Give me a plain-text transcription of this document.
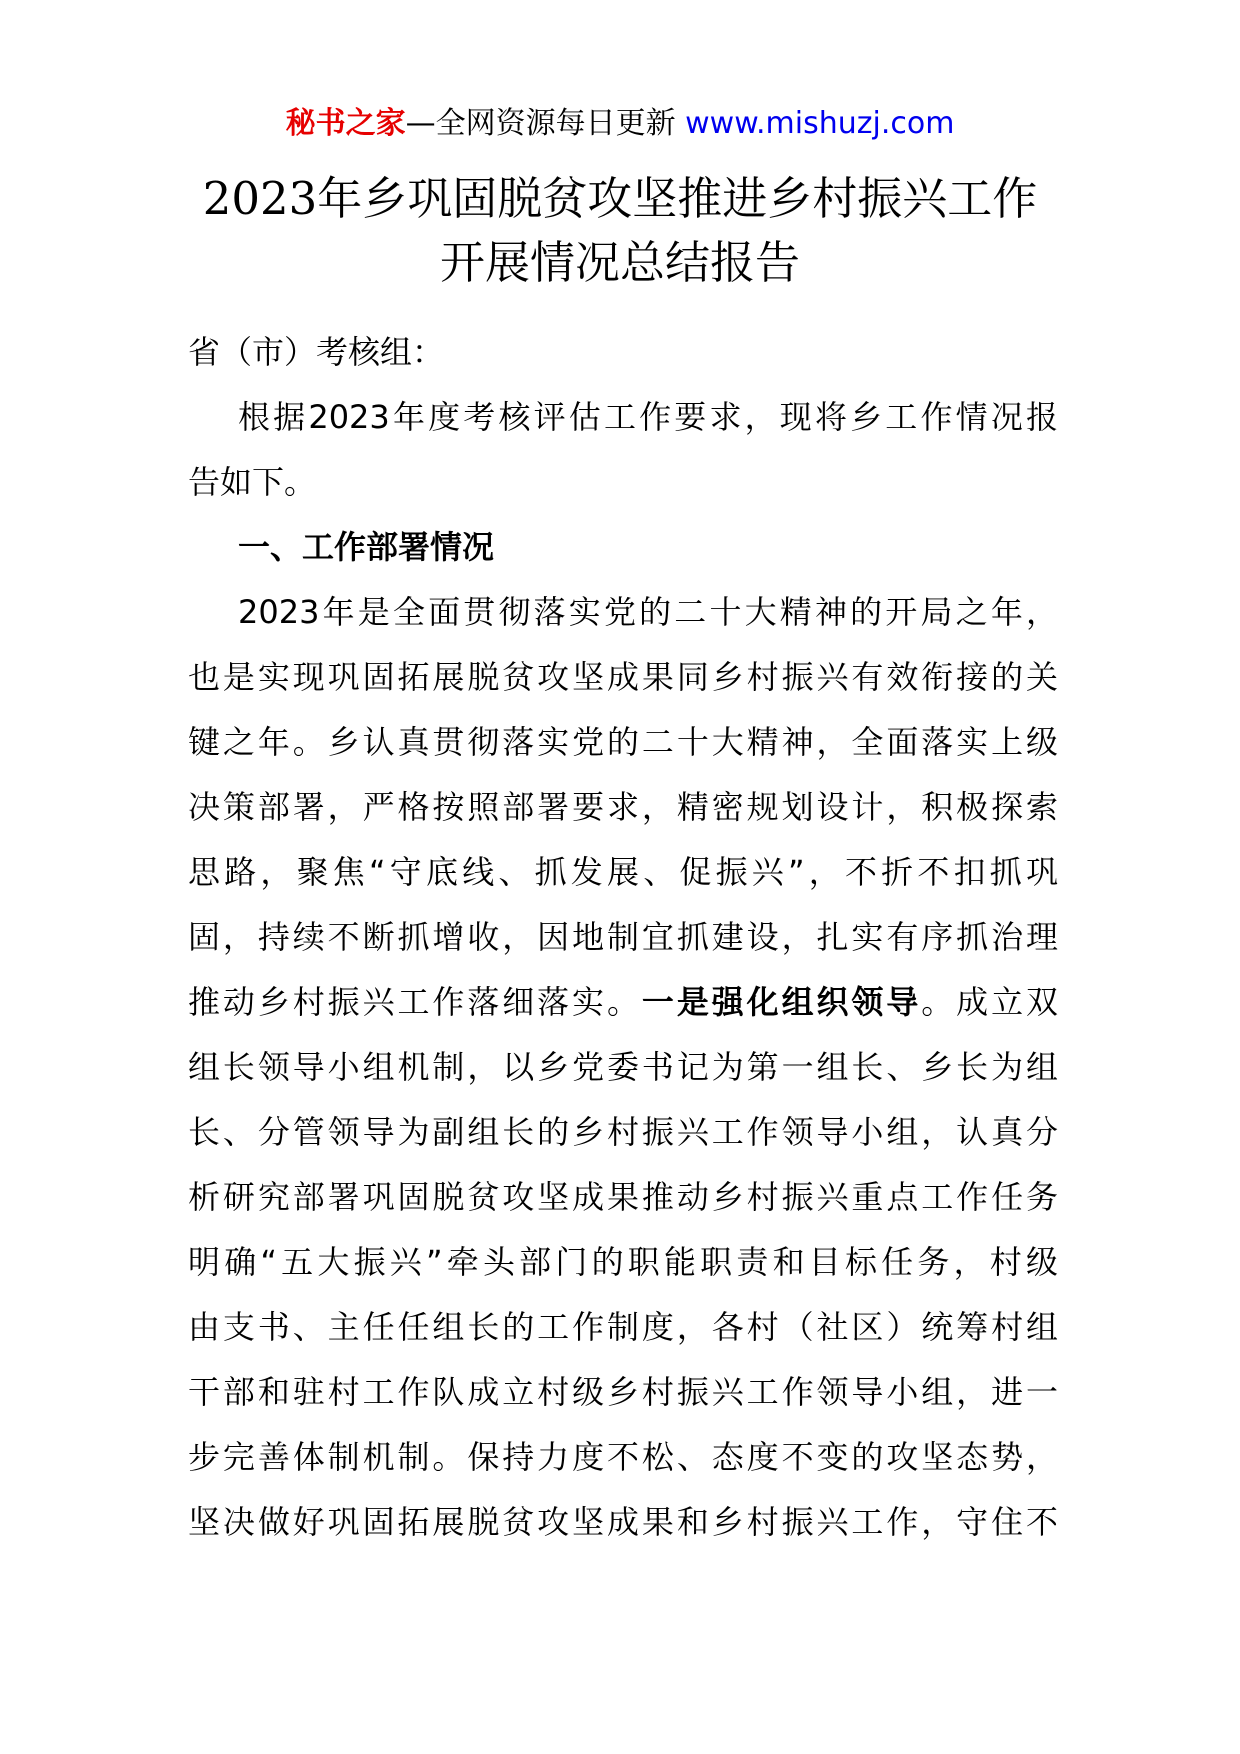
秘书之家—全网资源每日更新 www.mishuzj.com
2023年乡巩固脱贫攻坚推进乡村振兴工作
开展情况总结报告
省（市）考核组：
根据2023年度考核评估工作要求，现将乡工作情况报
告如下。
一、工作部署情况
2023年是全面贯彻落实党的二十大精神的开局之年，
也是实现巩固拓展脱贫攻坚成果同乡村振兴有效衔接的关
键之年。乡认真贯彻落实党的二十大精神，全面落实上级
决策部署，严格按照部署要求，精密规划设计，积极探索
思路，聚焦“守底线、抓发展、促振兴”，不折不扣抓巩
固，持续不断抓增收，因地制宜抓建设，扎实有序抓治理
推动乡村振兴工作落细落实。一是强化组织领导。成立双
组长领导小组机制，以乡党委书记为第一组长、乡长为组
长、分管领导为副组长的乡村振兴工作领导小组，认真分
析研究部署巩固脱贫攻坚成果推动乡村振兴重点工作任务
明确“五大振兴”牵头部门的职能职责和目标任务，村级
由支书、主任任组长的工作制度，各村（社区）统筹村组
干部和驻村工作队成立村级乡村振兴工作领导小组，进一
步完善体制机制。保持力度不松、态度不变的攻坚态势，
坚决做好巩固拓展脱贫攻坚成果和乡村振兴工作，守住不
